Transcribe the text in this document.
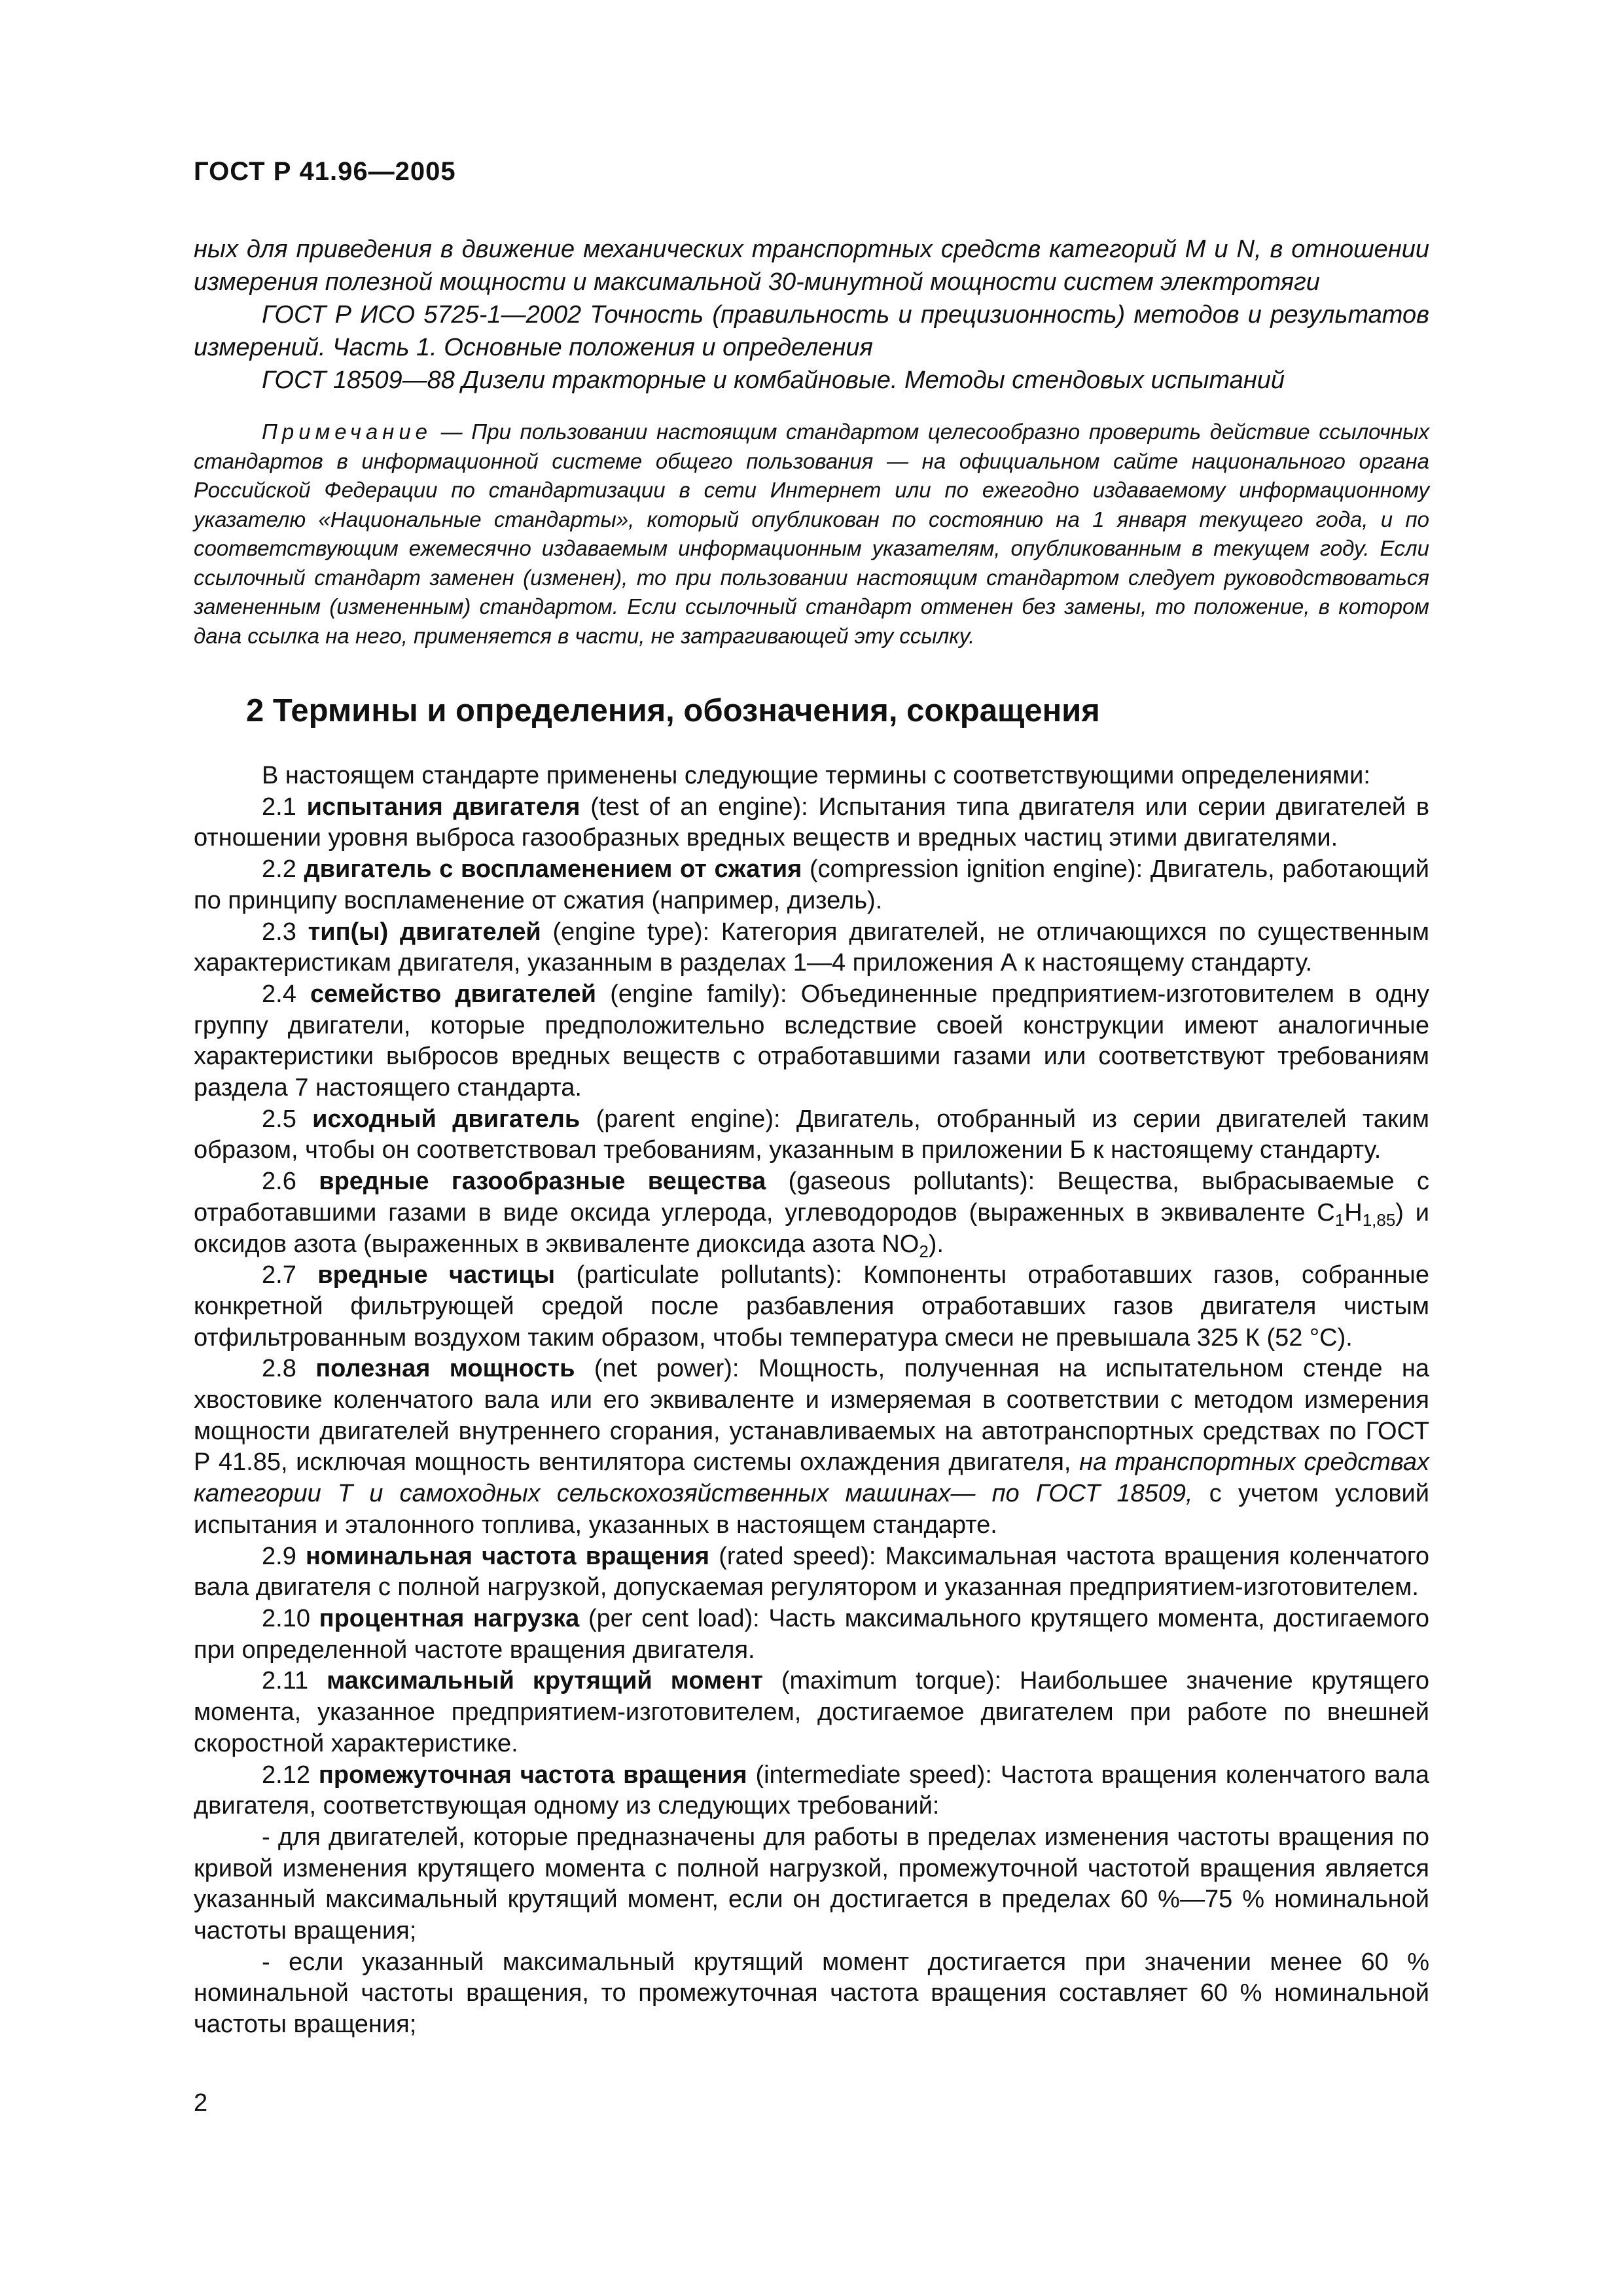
ГОСТ Р 41.96—2005

ных для приведения в движение механических транспортных средств категорий M и N, в отношении измерения полезной мощности и максимальной 30-минутной мощности систем электротяги

ГОСТ Р ИСО 5725-1—2002 Точность (правильность и прецизионность) методов и результатов измерений. Часть 1. Основные положения и определения

ГОСТ 18509—88 Дизели тракторные и комбайновые. Методы стендовых испытаний

Примечание — При пользовании настоящим стандартом целесообразно проверить действие ссылочных стандартов в информационной системе общего пользования — на официальном сайте национального органа Российской Федерации по стандартизации в сети Интернет или по ежегодно издаваемому информационному указателю «Национальные стандарты», который опубликован по состоянию на 1 января текущего года, и по соответствующим ежемесячно издаваемым информационным указателям, опубликованным в текущем году. Если ссылочный стандарт заменен (изменен), то при пользовании настоящим стандартом следует руководствоваться замененным (измененным) стандартом. Если ссылочный стандарт отменен без замены, то положение, в котором дана ссылка на него, применяется в части, не затрагивающей эту ссылку.

2 Термины и определения, обозначения, сокращения

В настоящем стандарте применены следующие термины с соответствующими определениями:

2.1 испытания двигателя (test of an engine): Испытания типа двигателя или серии двигателей в отношении уровня выброса газообразных вредных веществ и вредных частиц этими двигателями.

2.2 двигатель с воспламенением от сжатия (compression ignition engine): Двигатель, работающий по принципу воспламенение от сжатия (например, дизель).

2.3 тип(ы) двигателей (engine type): Категория двигателей, не отличающихся по существенным характеристикам двигателя, указанным в разделах 1—4 приложения А к настоящему стандарту.

2.4 семейство двигателей (engine family): Объединенные предприятием-изготовителем в одну группу двигатели, которые предположительно вследствие своей конструкции имеют аналогичные характеристики выбросов вредных веществ с отработавшими газами или соответствуют требованиям раздела 7 настоящего стандарта.

2.5 исходный двигатель (parent engine): Двигатель, отобранный из серии двигателей таким образом, чтобы он соответствовал требованиям, указанным в приложении Б к настоящему стандарту.

2.6 вредные газообразные вещества (gaseous pollutants): Вещества, выбрасываемые с отработавшими газами в виде оксида углерода, углеводородов (выраженных в эквиваленте $C_1H_{1,85}$) и оксидов азота (выраженных в эквиваленте диоксида азота $NO_2$).

2.7 вредные частицы (particulate pollutants): Компоненты отработавших газов, собранные конкретной фильтрующей средой после разбавления отработавших газов двигателя чистым отфильтрованным воздухом таким образом, чтобы температура смеси не превышала 325 К (52 °С).

2.8 полезная мощность (net power): Мощность, полученная на испытательном стенде на хвостовике коленчатого вала или его эквиваленте и измеряемая в соответствии с методом измерения мощности двигателей внутреннего сгорания, устанавливаемых на автотранспортных средствах по ГОСТ Р 41.85, исключая мощность вентилятора системы охлаждения двигателя, на транспортных средствах категории Т и самоходных сельскохозяйственных машинах— по ГОСТ 18509, с учетом условий испытания и эталонного топлива, указанных в настоящем стандарте.

2.9 номинальная частота вращения (rated speed): Максимальная частота вращения коленчатого вала двигателя с полной нагрузкой, допускаемая регулятором и указанная предприятием-изготовителем.

2.10 процентная нагрузка (per cent load): Часть максимального крутящего момента, достигаемого при определенной частоте вращения двигателя.

2.11 максимальный крутящий момент (maximum torque): Наибольшее значение крутящего момента, указанное предприятием-изготовителем, достигаемое двигателем при работе по внешней скоростной характеристике.

2.12 промежуточная частота вращения (intermediate speed): Частота вращения коленчатого вала двигателя, соответствующая одному из следующих требований:

- для двигателей, которые предназначены для работы в пределах изменения частоты вращения по кривой изменения крутящего момента с полной нагрузкой, промежуточной частотой вращения является указанный максимальный крутящий момент, если он достигается в пределах 60 %—75 % номинальной частоты вращения;

- если указанный максимальный крутящий момент достигается при значении менее 60 % номинальной частоты вращения, то промежуточная частота вращения составляет 60 % номинальной частоты вращения;

2
